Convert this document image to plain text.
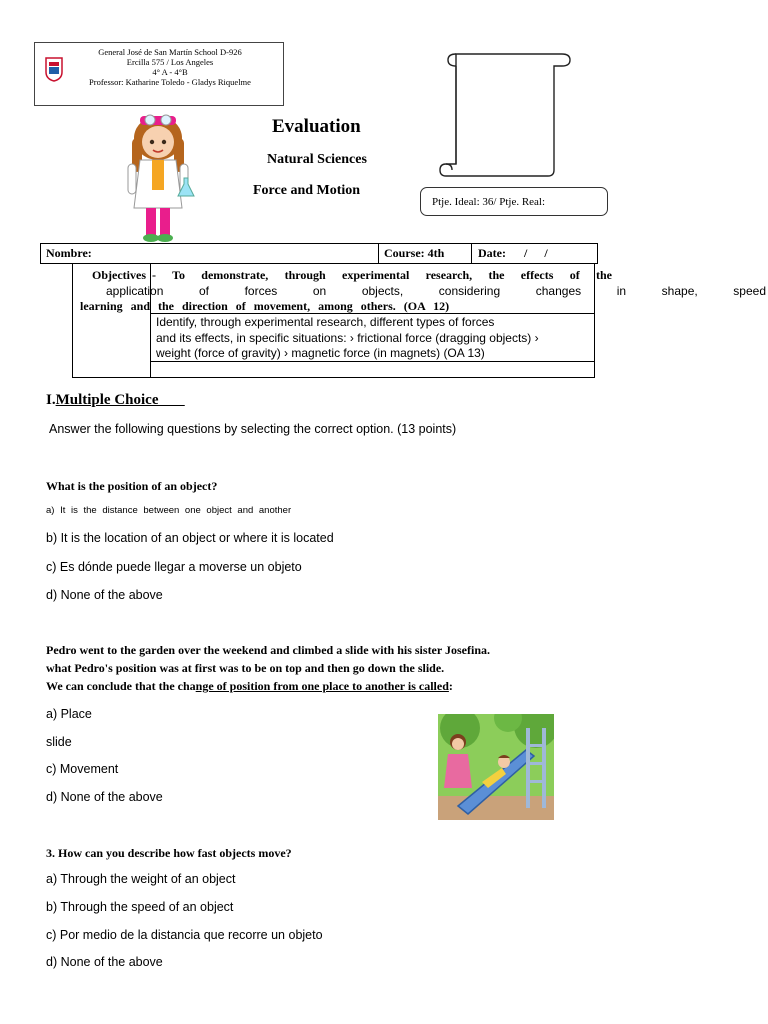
General José de San Martín School D-926
Ercilla 575 / Los Angeles
4° A - 4°B
Professor: Katharine Toledo - Gladys Riquelme
Evaluation
Natural Sciences
Force and Motion
Ptje. Ideal: 36/ Ptje. Real:
Nombre:	Course: 4th	Date: / /
Objectives - To demonstrate, through experimental research, the effects of the
application of forces on objects, considering changes in shape, speed
learning and the direction of movement, among others. (OA 12)
Identify, through experimental research, different types of forces
and its effects, in specific situations: › frictional force (dragging objects) ›
weight (force of gravity) › magnetic force (in magnets) (OA 13)
I.Multiple Choice
Answer the following questions by selecting the correct option. (13 points)
What is the position of an object?
a) It is the distance between one object and another
b) It is the location of an object or where it is located
c) Es dónde puede llegar a moverse un objeto
d) None of the above
Pedro went to the garden over the weekend and climbed a slide with his sister Josefina.
what Pedro's position was at first was to be on top and then go down the slide.
We can conclude that the change of position from one place to another is called:
a) Place
slide
c) Movement
d) None of the above
3. How can you describe how fast objects move?
a) Through the weight of an object
b) Through the speed of an object
c) Por medio de la distancia que recorre un objeto
d) None of the above
